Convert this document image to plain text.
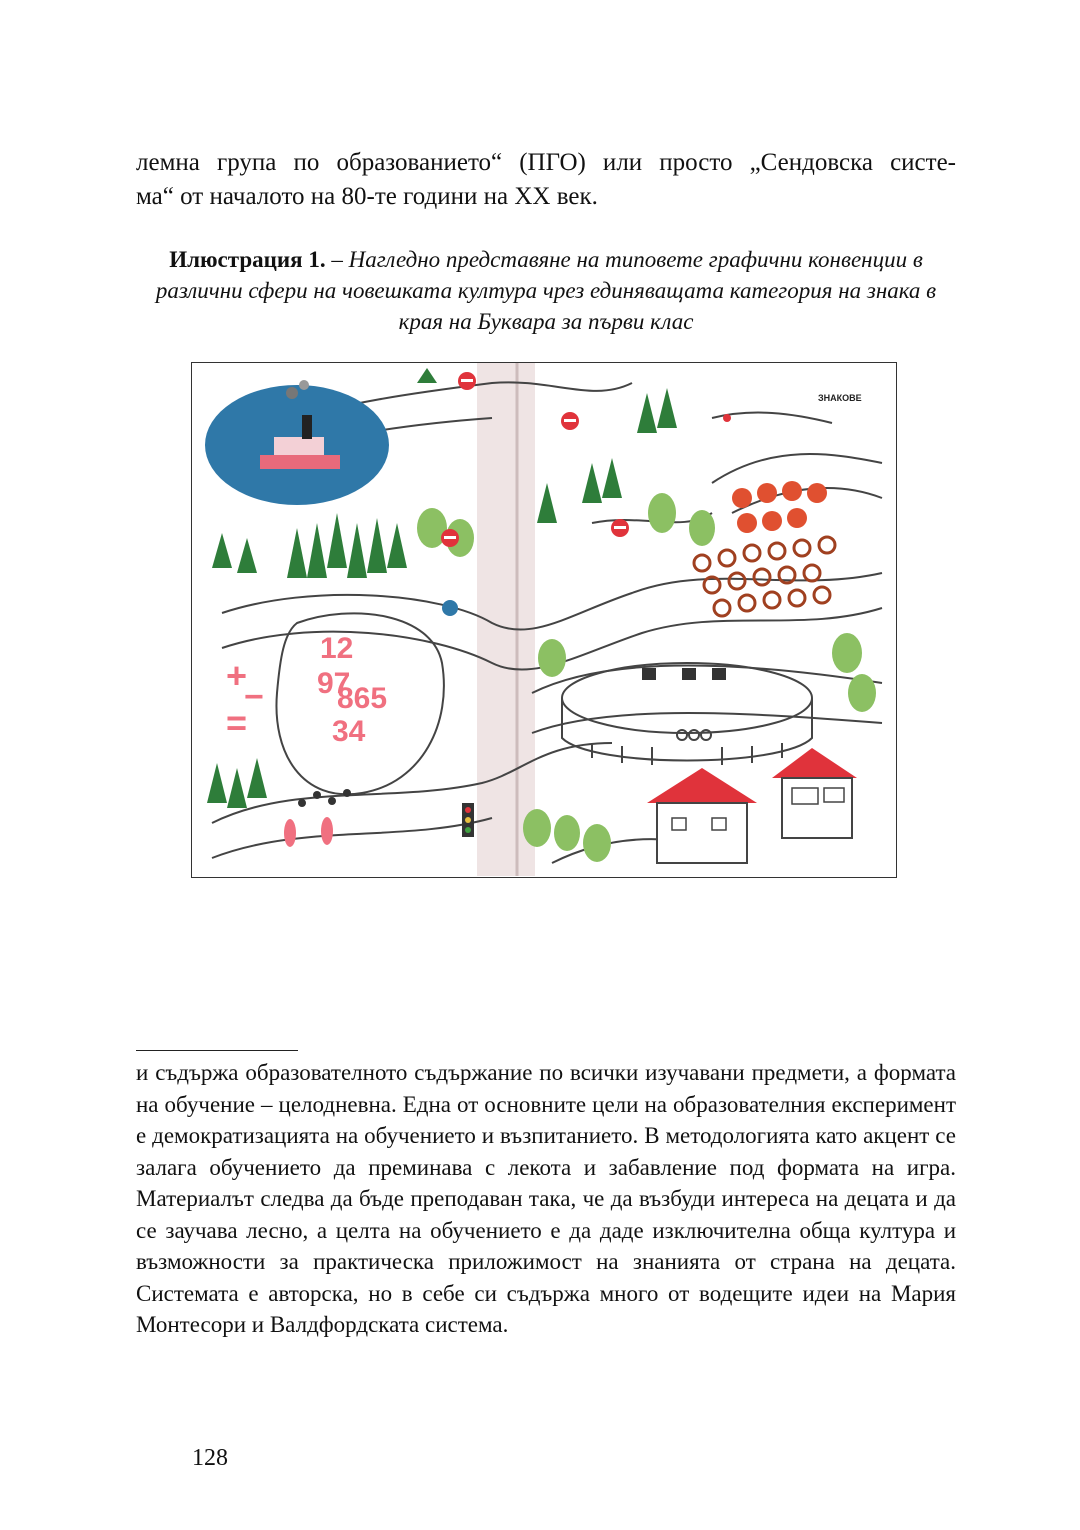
лемна група по образованието“ (ПГО) или просто „Сендовска систе-

ма“ от началото на 80-те години на XX век.

Илюстрация 1. – Нагледно представяне на типовете графични конвенции в различни сфери на човешката култура чрез единяващата категория на знака в края на Буквара за първи клас
ЗНАКОВЕ
12
97
865
34
+
−
=

и съдържа образователното съдържание по всички изучавани предмети, а формата на обучение – целодневна. Една от основните цели на образователния експеримент е демократизацията на обучението и възпитанието. В методологията като акцент се залага обучението да преминава с лекота и забавление под формата на игра. Материалът следва да бъде преподаван така, че да възбуди интереса на децата и да се заучава лесно, а целта на обучението е да даде изключителна обща култура и възможности за практическа приложимост на знанията от страна на децата. Системата е авторска, но в себе си съдържа много от водещите идеи на Мария Монтесори и Валдфордската система.

128
